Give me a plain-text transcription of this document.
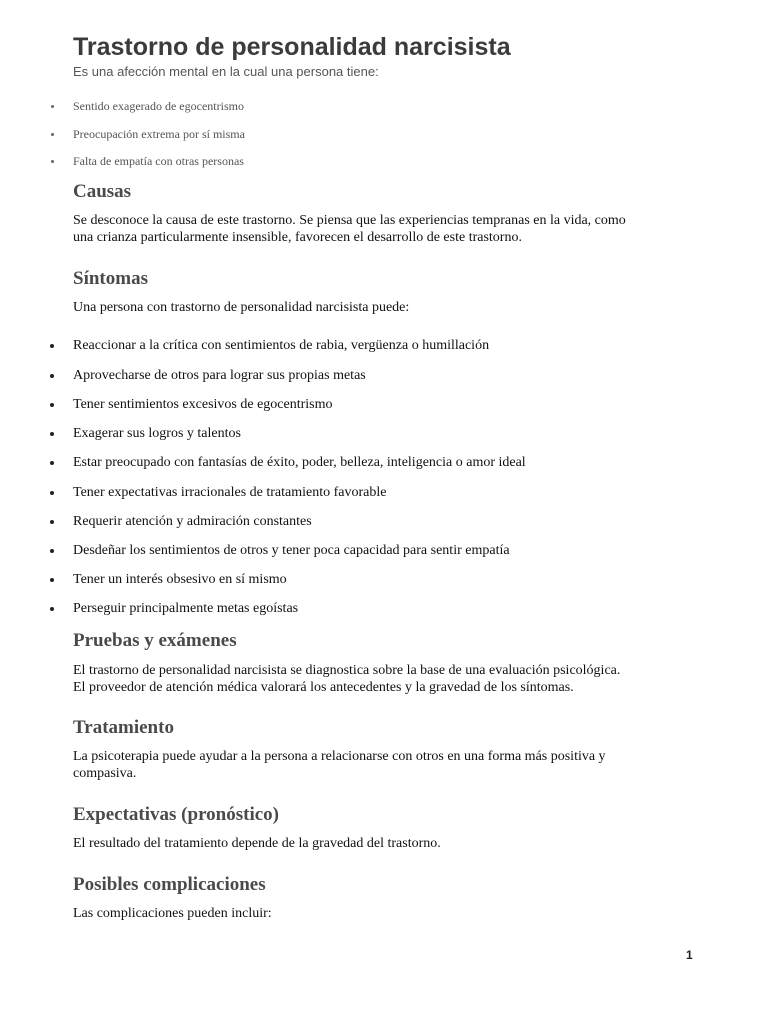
Trastorno de personalidad narcisista
Es una afección mental en la cual una persona tiene:
Sentido exagerado de egocentrismo
Preocupación extrema por sí misma
Falta de empatía con otras personas
Causas
Se desconoce la causa de este trastorno. Se piensa que las experiencias tempranas en la vida, como
una crianza particularmente insensible, favorecen el desarrollo de este trastorno.
Síntomas
Una persona con trastorno de personalidad narcisista puede:
Reaccionar a la crítica con sentimientos de rabia, vergüenza o humillación
Aprovecharse de otros para lograr sus propias metas
Tener sentimientos excesivos de egocentrismo
Exagerar sus logros y talentos
Estar preocupado con fantasías de éxito, poder, belleza, inteligencia o amor ideal
Tener expectativas irracionales de tratamiento favorable
Requerir atención y admiración constantes
Desdeñar los sentimientos de otros y tener poca capacidad para sentir empatía
Tener un interés obsesivo en sí mismo
Perseguir principalmente metas egoístas
Pruebas y exámenes
El trastorno de personalidad narcisista se diagnostica sobre la base de una evaluación psicológica.
El proveedor de atención médica valorará los antecedentes y la gravedad de los síntomas.
Tratamiento
La psicoterapia puede ayudar a la persona a relacionarse con otros en una forma más positiva y
compasiva.
Expectativas (pronóstico)
El resultado del tratamiento depende de la gravedad del trastorno.
Posibles complicaciones
Las complicaciones pueden incluir:
1
